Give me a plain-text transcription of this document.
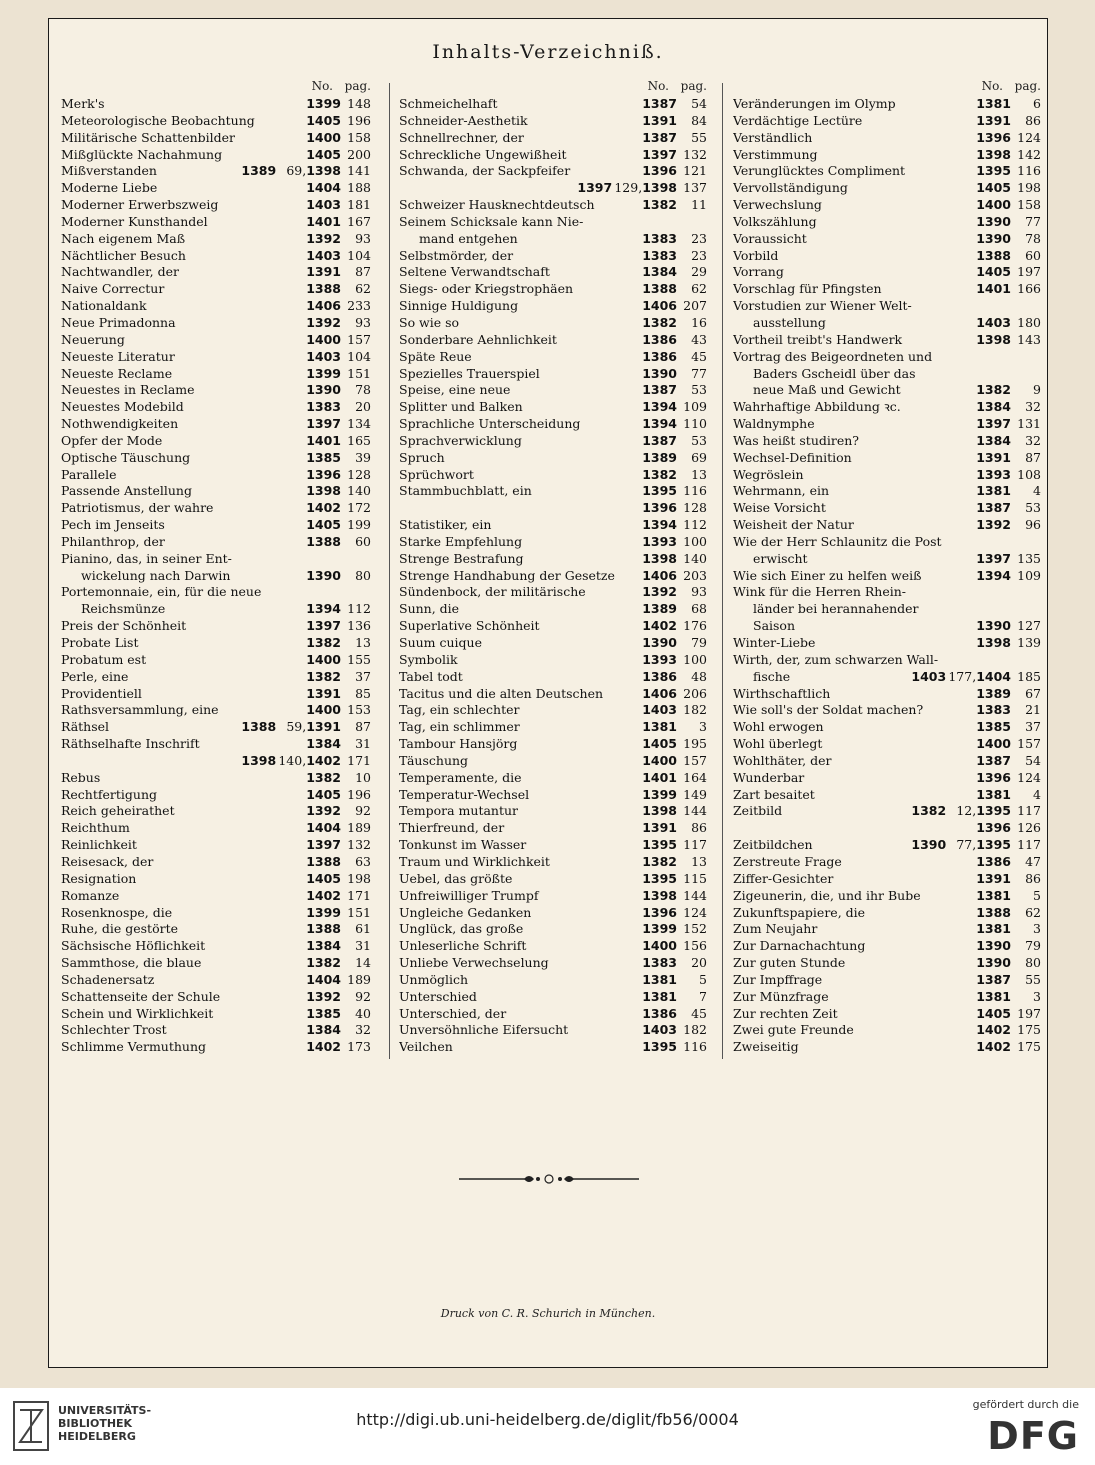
Inhalts-Verzeichniß.
No. pag.
Merk's	1399 148
Meteorologische Beobachtung	1405 196
Militärische Schattenbilder	1400 158
Mißglückte Nachahmung	1405 200
Mißverstanden	1389 69,1398 141
Moderne Liebe	1404 188
Moderner Erwerbszweig	1403 181
Moderner Kunsthandel	1401 167
Nach eigenem Maß	1392 93
Nächtlicher Besuch	1403 104
Nachtwandler, der	1391 87
Naive Correctur	1388 62
Nationaldank	1406 233
Neue Primadonna	1392 93
Neuerung	1400 157
Neueste Literatur	1403 104
Neueste Reclame	1399 151
Neuestes in Reclame	1390 78
Neuestes Modebild	1383 20
Nothwendigkeiten	1397 134
Opfer der Mode	1401 165
Optische Täuschung	1385 39
Parallele	1396 128
Passende Anstellung	1398 140
Patriotismus, der wahre	1402 172
Pech im Jenseits	1405 199
Philanthrop, der	1388 60
Pianino, das, in seiner Ent-
wickelung nach Darwin	1390 80
Portemonnaie, ein, für die neue
Reichsmünze	1394 112
Preis der Schönheit	1397 136
Probate List	1382 13
Probatum est	1400 155
Perle, eine	1382 37
Providentiell	1391 85
Rathsversammlung, eine	1400 153
Räthsel	1388 59,1391 87
Räthselhafte Inschrift	1384 31
1398 140,1402 171
Rebus	1382 10
Rechtfertigung	1405 196
Reich geheirathet	1392 92
Reichthum	1404 189
Reinlichkeit	1397 132
Reisesack, der	1388 63
Resignation	1405 198
Romanze	1402 171
Rosenknospe, die	1399 151
Ruhe, die gestörte	1388 61
Sächsische Höflichkeit	1384 31
Sammthose, die blaue	1382 14
Schadenersatz	1404 189
Schattenseite der Schule	1392 92
Schein und Wirklichkeit	1385 40
Schlechter Trost	1384 32
Schlimme Vermuthung	1402 173
No. pag.
Schmeichelhaft	1387 54
Schneider-Aesthetik	1391 84
Schnellrechner, der	1387 55
Schreckliche Ungewißheit	1397 132
Schwanda, der Sackpfeifer	1396 121
1397 129,1398 137
Schweizer Hausknechtdeutsch	1382 11
Seinem Schicksale kann Nie-
mand entgehen	1383 23
Selbstmörder, der	1383 23
Seltene Verwandtschaft	1384 29
Siegs- oder Kriegstrophäen	1388 62
Sinnige Huldigung	1406 207
So wie so	1382 16
Sonderbare Aehnlichkeit	1386 43
Späte Reue	1386 45
Spezielles Trauerspiel	1390 77
Speise, eine neue	1387 53
Splitter und Balken	1394 109
Sprachliche Unterscheidung	1394 110
Sprachverwicklung	1387 53
Spruch	1389 69
Sprüchwort	1382 13
Stammbuchblatt, ein	1395 116
1396 128
Statistiker, ein	1394 112
Starke Empfehlung	1393 100
Strenge Bestrafung	1398 140
Strenge Handhabung der Gesetze	1406 203
Sündenbock, der militärische	1392 93
Sunn, die	1389 68
Superlative Schönheit	1402 176
Suum cuique	1390 79
Symbolik	1393 100
Tabel todt	1386 48
Tacitus und die alten Deutschen	1406 206
Tag, ein schlechter	1403 182
Tag, ein schlimmer	1381 3
Tambour Hansjörg	1405 195
Täuschung	1400 157
Temperamente, die	1401 164
Temperatur-Wechsel	1399 149
Tempora mutantur	1398 144
Thierfreund, der	1391 86
Tonkunst im Wasser	1395 117
Traum und Wirklichkeit	1382 13
Uebel, das größte	1395 115
Unfreiwilliger Trumpf	1398 144
Ungleiche Gedanken	1396 124
Unglück, das große	1399 152
Unleserliche Schrift	1400 156
Unliebe Verwechselung	1383 20
Unmöglich	1381 5
Unterschied	1381 7
Unterschied, der	1386 45
Unversöhnliche Eifersucht	1403 182
Veilchen	1395 116
No. pag.
Veränderungen im Olymp	1381 6
Verdächtige Lectüre	1391 86
Verständlich	1396 124
Verstimmung	1398 142
Verunglücktes Compliment	1395 116
Vervollständigung	1405 198
Verwechslung	1400 158
Volkszählung	1390 77
Voraussicht	1390 78
Vorbild	1388 60
Vorrang	1405 197
Vorschlag für Pfingsten	1401 166
Vorstudien zur Wiener Welt-
ausstellung	1403 180
Vortheil treibt's Handwerk	1398 143
Vortrag des Beigeordneten und
Baders Gscheidl über das
neue Maß und Gewicht	1382 9
Wahrhaftige Abbildung ꝛc.	1384 32
Waldnymphe	1397 131
Was heißt studiren?	1384 32
Wechsel-Definition	1391 87
Wegröslein	1393 108
Wehrmann, ein	1381 4
Weise Vorsicht	1387 53
Weisheit der Natur	1392 96
Wie der Herr Schlaunitz die Post
erwischt	1397 135
Wie sich Einer zu helfen weiß	1394 109
Wink für die Herren Rhein-
länder bei herannahender
Saison	1390 127
Winter-Liebe	1398 139
Wirth, der, zum schwarzen Wall-
fische	1403 177,1404 185
Wirthschaftlich	1389 67
Wie soll's der Soldat machen?	1383 21
Wohl erwogen	1385 37
Wohl überlegt	1400 157
Wohlthäter, der	1387 54
Wunderbar	1396 124
Zart besaitet	1381 4
Zeitbild	1382 12,1395 117
1396 126
Zeitbildchen	1390 77,1395 117
Zerstreute Frage	1386 47
Ziffer-Gesichter	1391 86
Zigeunerin, die, und ihr Bube	1381 5
Zukunftspapiere, die	1388 62
Zum Neujahr	1381 3
Zur Darnachachtung	1390 79
Zur guten Stunde	1390 80
Zur Impffrage	1387 55
Zur Münzfrage	1381 3
Zur rechten Zeit	1405 197
Zwei gute Freunde	1402 175
Zweiseitig	1402 175
Druck von C. R. Schurich in München.
UNIVERSITÄTS-
BIBLIOTHEK
HEIDELBERG
http://digi.ub.uni-heidelberg.de/diglit/fb56/0004
gefördert durch die
DFG
